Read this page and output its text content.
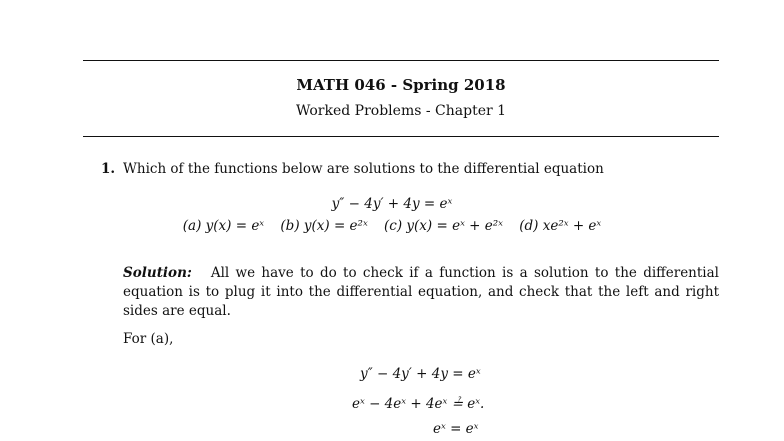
MATH 046 - Spring 2018
Worked Problems - Chapter 1
1. Which of the functions below are solutions to the differential equation
y″ − 4y′ + 4y = eˣ
(a) y(x) = eˣ (b) y(x) = e²ˣ (c) y(x) = eˣ + e²ˣ (d) xe²ˣ + eˣ
Solution: All we have to do to check if a function is a solution to the differential equation is to plug it into the differential equation, and check that the left and right sides are equal.
For (a),
y″ − 4y′ + 4y = eˣ
eˣ − 4eˣ + 4eˣ ≟ eˣ.
eˣ = eˣ
